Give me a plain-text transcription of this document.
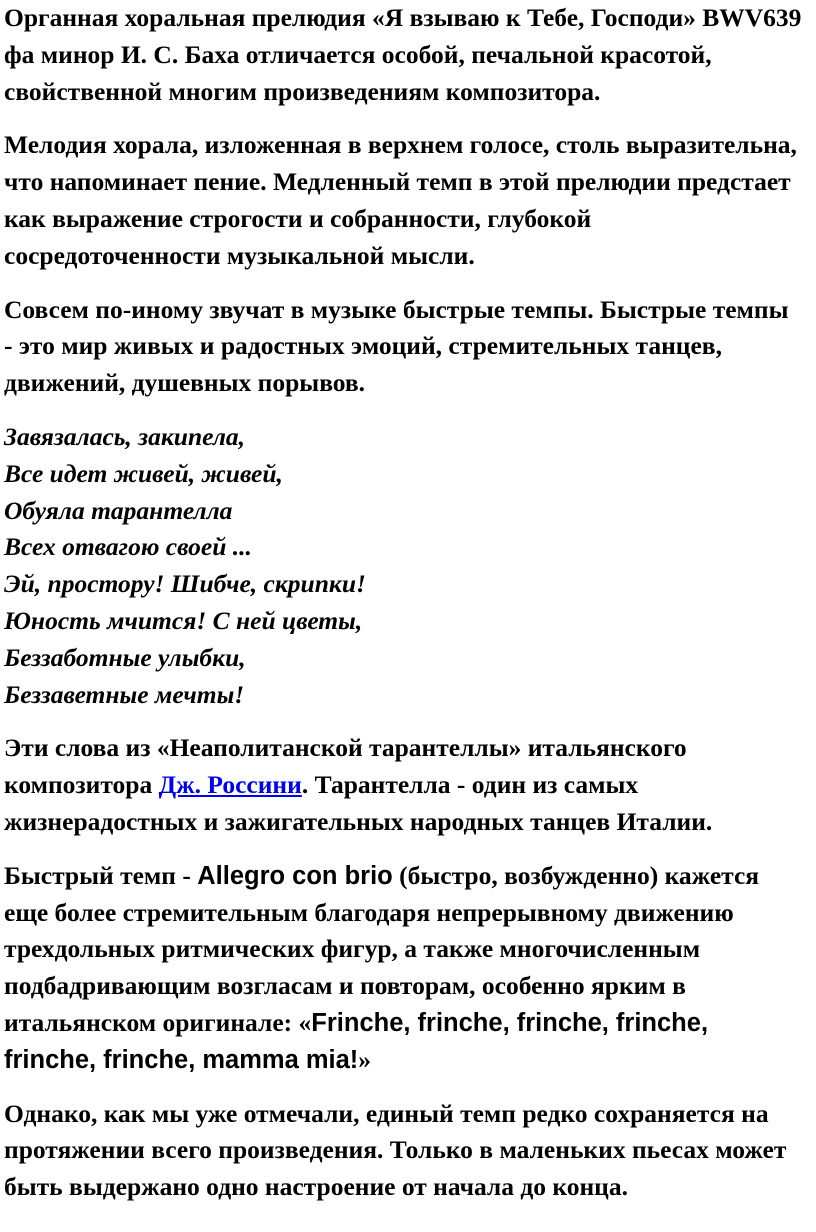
Органная хоральная прелюдия «Я взываю к Тебе, Господи» BWV639 фа минор И. С. Баха отличается особой, печальной красотой, свойственной многим произведениям композитора.

Мелодия хорала, изложенная в верхнем голосе, столь выразительна, что напоминает пение. Медленный темп в этой прелюдии предстает как выражение строгости и собранности, глубокой сосредоточенности музыкальной мысли.

Совсем по-иному звучат в музыке быстрые темпы. Быстрые темпы - это мир живых и радостных эмоций, стремительных танцев, движений, душевных порывов.

Завязалась, закипела,
Все идет живей, живей,
Обуяла тарантелла
Всех отвагою своей ...
Эй, простору! Шибче, скрипки!
Юность мчится! С ней цветы,
Беззаботные улыбки,
Беззаветные мечты!

Эти слова из «Неаполитанской тарантеллы» итальянского композитора Дж. Россини. Тарантелла - один из самых жизнерадостных и зажигательных народных танцев Италии.

Быстрый темп - Allegro con brio (быстро, возбужденно) кажется еще более стремительным благодаря непрерывному движению трехдольных ритмических фигур, а также многочисленным подбадривающим возгласам и повторам, особенно ярким в итальянском оригинале: «Frinche, frinche, frinche, frinche, frinche, frinche, mamma mia!»

Однако, как мы уже отмечали, единый темп редко сохраняется на протяжении всего произведения. Только в маленьких пьесах может быть выдержано одно настроение от начала до конца.
